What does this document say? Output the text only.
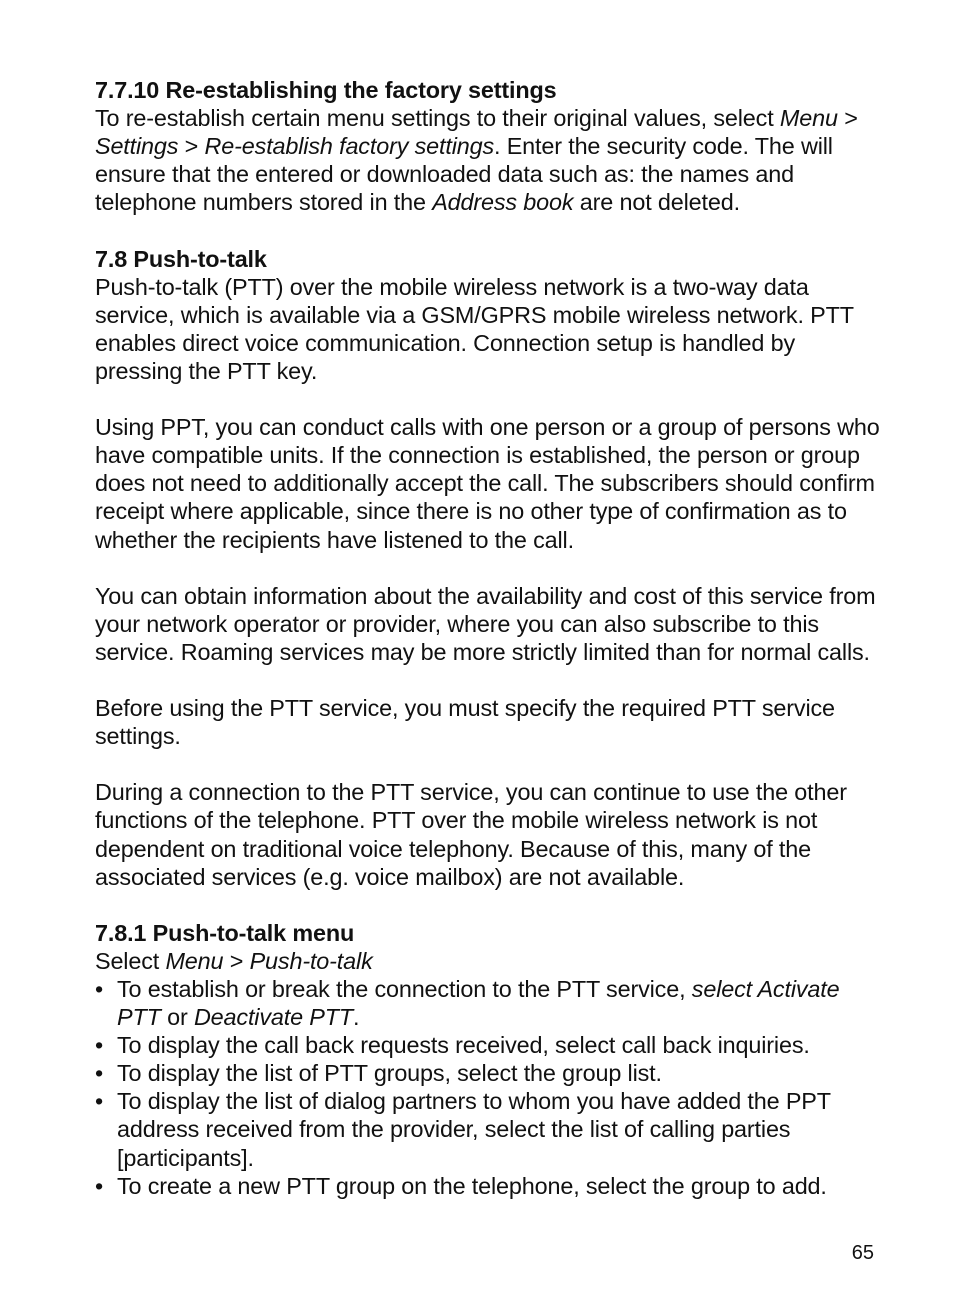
7.7.10 Re-establishing the factory settings

To re-establish certain menu settings to their original values, select Menu > Settings > Re-establish factory settings. Enter the security code. The will ensure that the entered or downloaded data such as: the names and telephone numbers stored in the Address book are not deleted.

7.8 Push-to-talk

Push-to-talk (PTT) over the mobile wireless network is a two-way data service, which is available via a GSM/GPRS mobile wireless network. PTT enables direct voice communication. Connection setup is handled by pressing the PTT key.

Using PPT, you can conduct calls with one person or a group of persons who have compatible units. If the connection is established, the person or group does not need to additionally accept the call. The subscribers should confirm receipt where applicable, since there is no other type of confirmation as to whether the recipients have listened to the call.

You can obtain information about the availability and cost of this service from your network operator or provider, where you can also subscribe to this service. Roaming services may be more strictly limited than for normal calls.

Before using the PTT service, you must specify the required PTT service settings.

During a connection to the PTT service, you can continue to use the other functions of the telephone. PTT over the mobile wireless network is not dependent on traditional voice telephony. Because of this, many of the associated services (e.g. voice mailbox) are not available.

7.8.1 Push-to-talk menu

Select Menu > Push-to-talk

• To establish or break the connection to the PTT service, select Activate PTT or Deactivate PTT.
• To display the call back requests received, select call back inquiries.
• To display the list of PTT groups, select the group list.
• To display the list of dialog partners to whom you have added the PPT address received from the provider, select the list of calling parties [participants].
• To create a new PTT group on the telephone, select the group to add.
65
